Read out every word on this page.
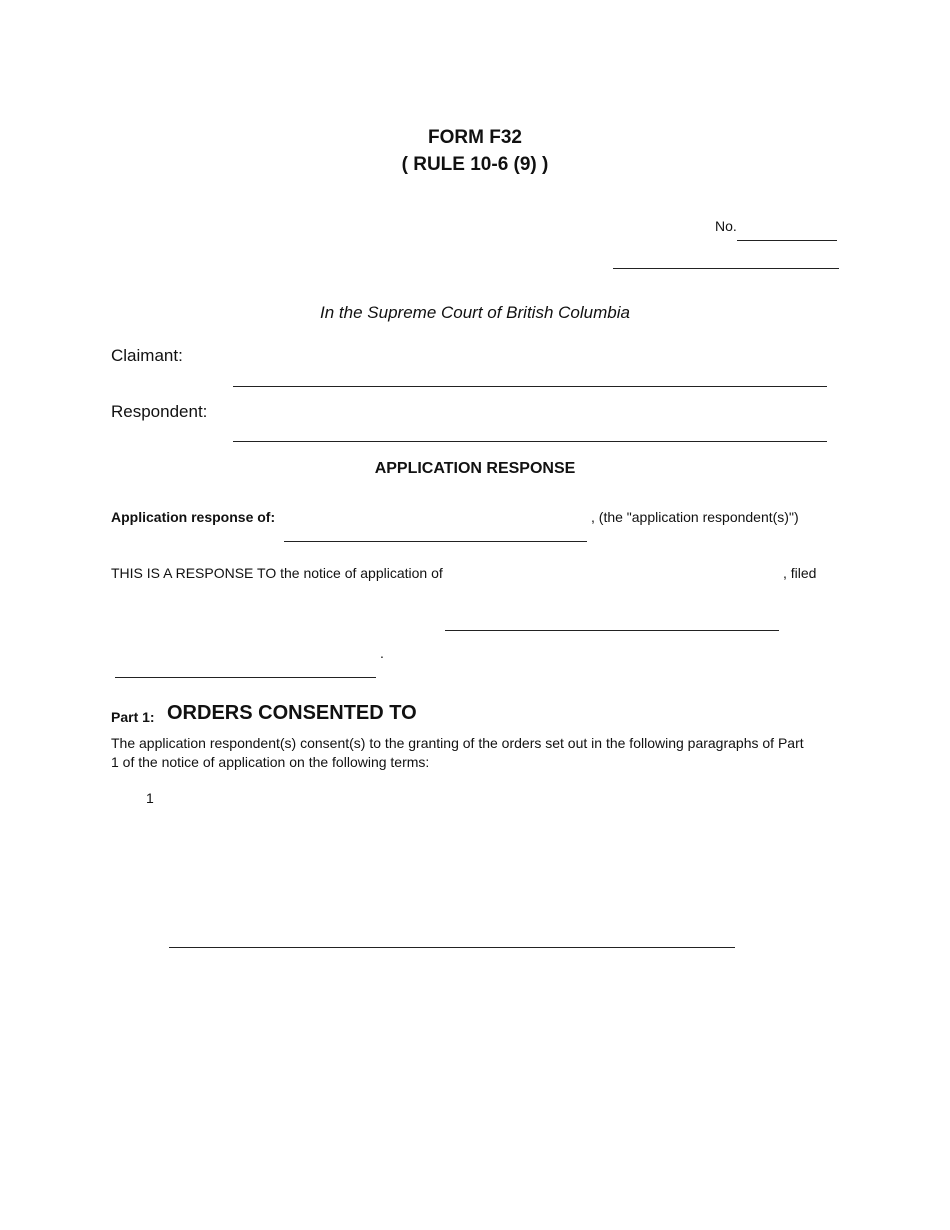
FORM F32
( RULE 10-6 (9) )
No.
In the Supreme Court of British Columbia
Claimant:
Respondent:
APPLICATION RESPONSE
Application response of:	, (the "application respondent(s)")
THIS IS A RESPONSE TO the notice of application of	, filed
.
Part 1: ORDERS CONSENTED TO
The application respondent(s) consent(s) to the granting of the orders set out in the following paragraphs of Part
1 of the notice of application on the following terms:
1
